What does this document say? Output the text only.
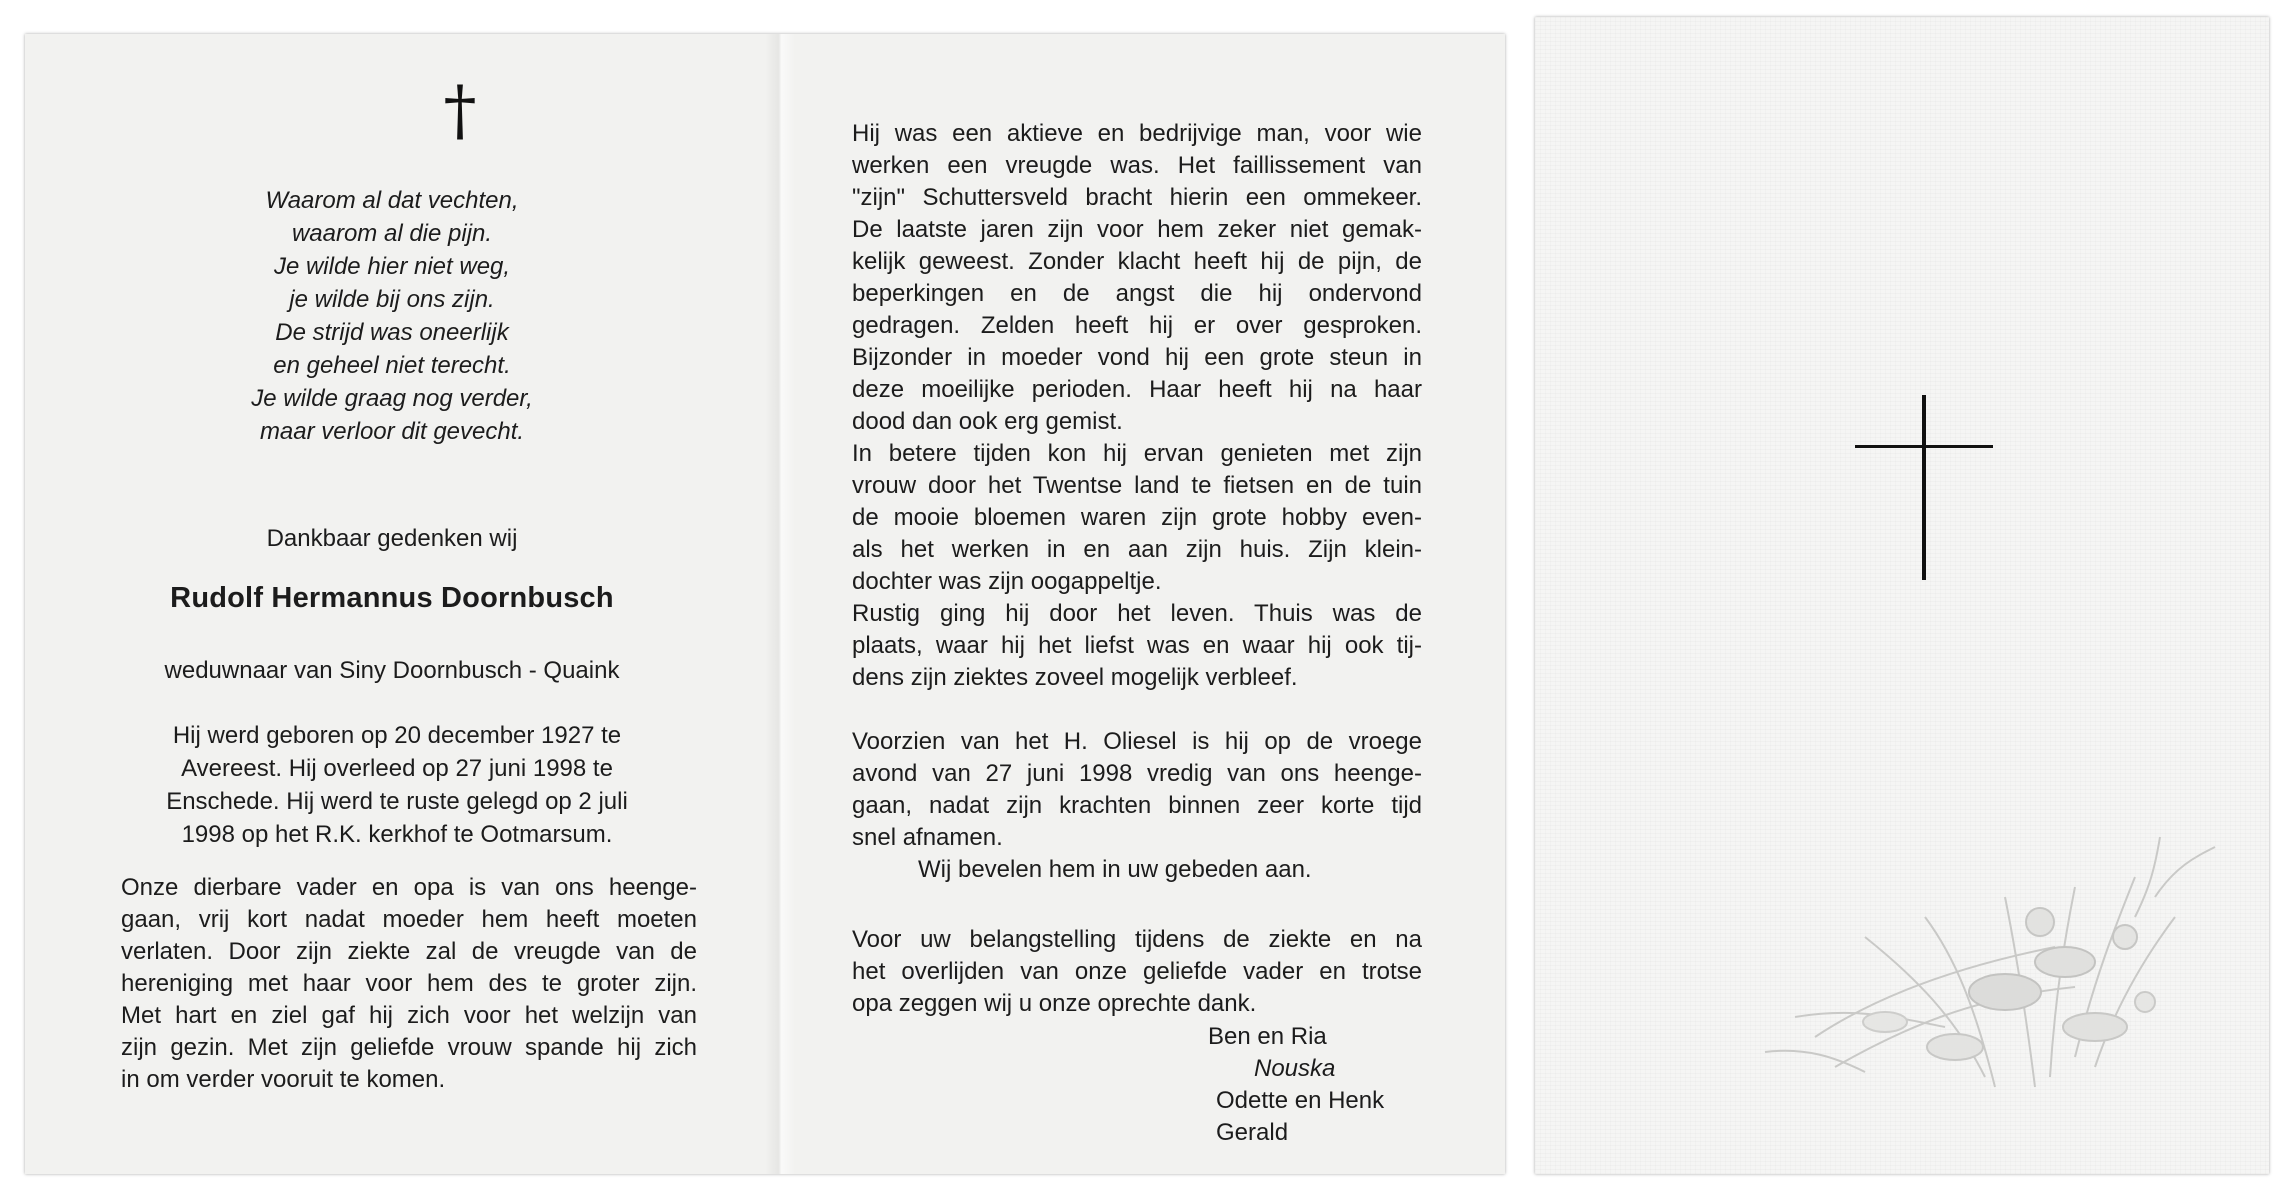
†
Waarom al dat vechten,
waarom al die pijn.
Je wilde hier niet weg,
je wilde bij ons zijn.
De strijd was oneerlijk
en geheel niet terecht.
Je wilde graag nog verder,
maar verloor dit gevecht.
Dankbaar gedenken wij
Rudolf Hermannus Doornbusch
weduwnaar van Siny Doornbusch - Quaink
Hij werd geboren op 20 december 1927 te
Avereest. Hij overleed op 27 juni 1998 te
Enschede. Hij werd te ruste gelegd op 2 juli
1998 op het R.K. kerkhof te Ootmarsum.
Onze dierbare vader en opa is van ons heenge-
gaan, vrij kort nadat moeder hem heeft moeten
verlaten. Door zijn ziekte zal de vreugde van de
hereniging met haar voor hem des te groter zijn.
Met hart en ziel gaf hij zich voor het welzijn van
zijn gezin. Met zijn geliefde vrouw spande hij zich
in om verder vooruit te komen.
Hij was een aktieve en bedrijvige man, voor wie
werken een vreugde was. Het faillissement van
"zijn" Schuttersveld bracht hierin een ommekeer.
De laatste jaren zijn voor hem zeker niet gemak-
kelijk geweest. Zonder klacht heeft hij de pijn, de
beperkingen en de angst die hij ondervond
gedragen. Zelden heeft hij er over gesproken.
Bijzonder in moeder vond hij een grote steun in
deze moeilijke perioden. Haar heeft hij na haar
dood dan ook erg gemist.
In betere tijden kon hij ervan genieten met zijn
vrouw door het Twentse land te fietsen en de tuin
de mooie bloemen waren zijn grote hobby even-
als het werken in en aan zijn huis. Zijn klein-
dochter was zijn oogappeltje.
Rustig ging hij door het leven. Thuis was de
plaats, waar hij het liefst was en waar hij ook tij-
dens zijn ziektes zoveel mogelijk verbleef.
Voorzien van het H. Oliesel is hij op de vroege
avond van 27 juni 1998 vredig van ons heenge-
gaan, nadat zijn krachten binnen zeer korte tijd
snel afnamen.
Wij bevelen hem in uw gebeden aan.
Voor uw belangstelling tijdens de ziekte en na
het overlijden van onze geliefde vader en trotse
opa zeggen wij u onze oprechte dank.
Ben en Ria
Nouska
Odette en Henk
Gerald
